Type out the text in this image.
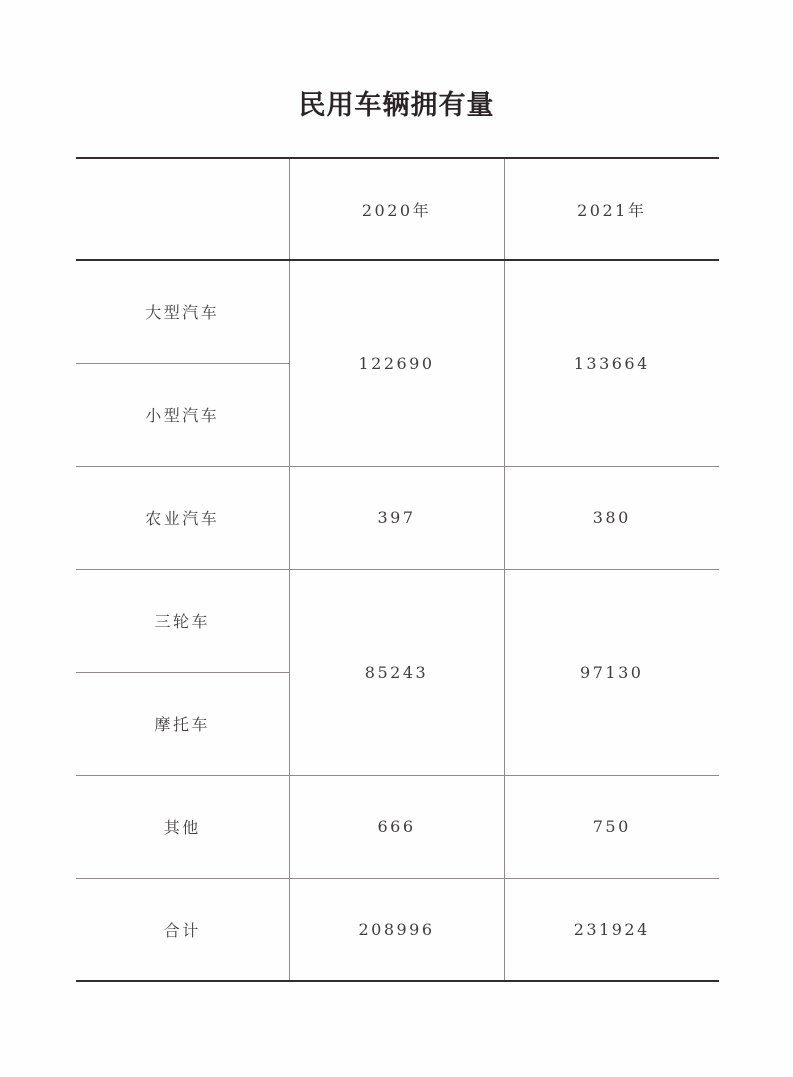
民用车辆拥有量
	2020年	2021年
大型汽车	122690	133664
小型汽车		
农业汽车	397	380
三轮车	85243	97130
摩托车		
其他	666	750
合计	208996	231924
